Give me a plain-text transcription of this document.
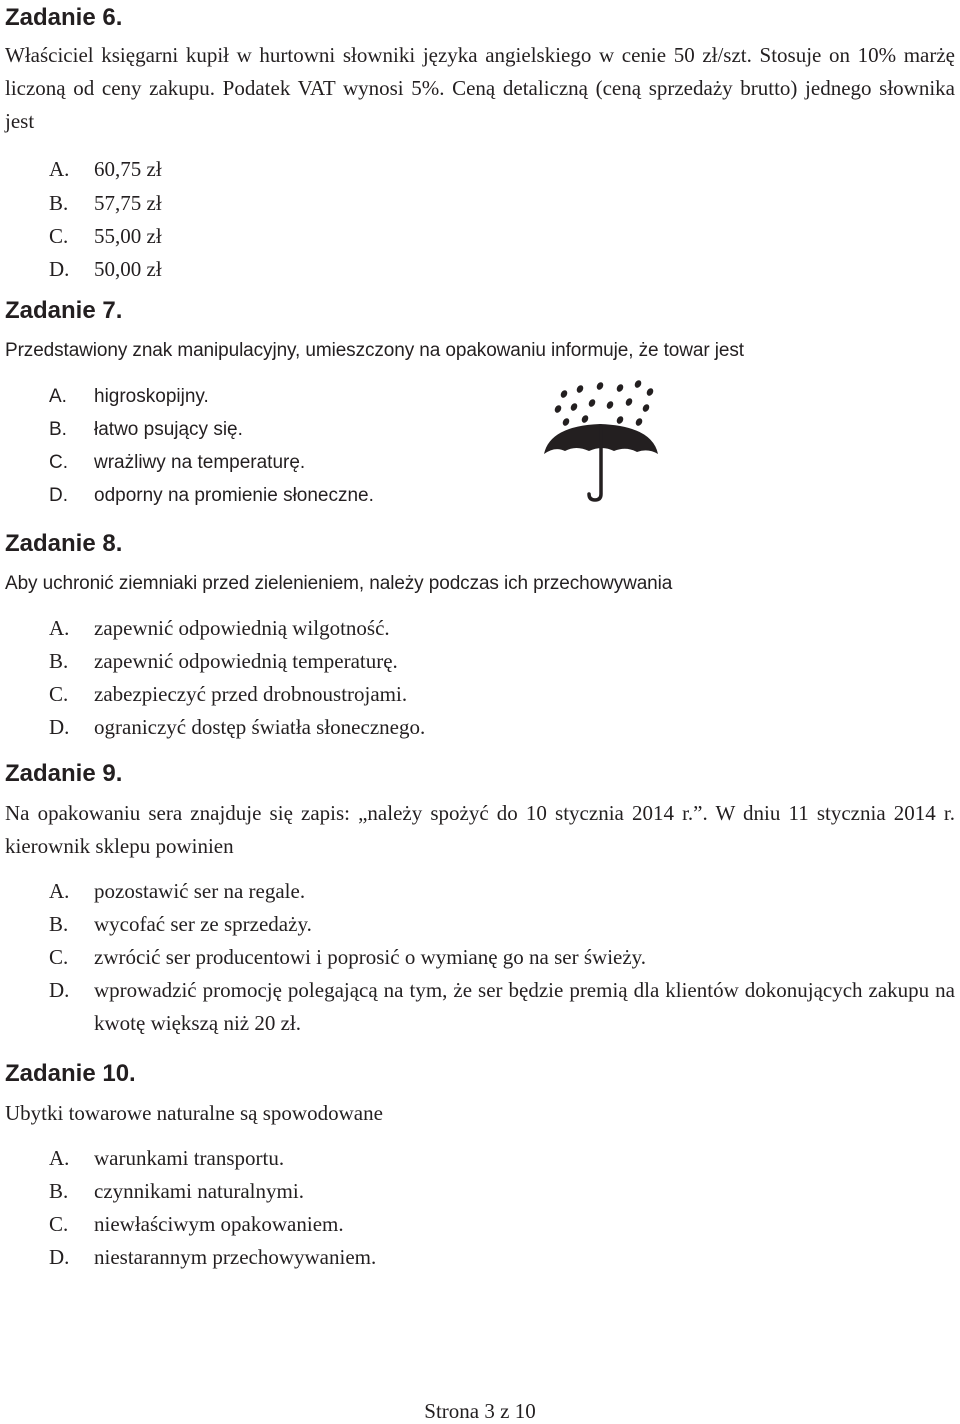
Zadanie 6.

Właściciel księgarni kupił w hurtowni słowniki języka angielskiego w cenie 50 zł/szt. Stosuje on 10% marżę liczoną od ceny zakupu. Podatek VAT wynosi 5%. Ceną detaliczną (ceną sprzedaży brutto) jednego słownika jest

A.	60,75 zł
B.	57,75 zł
C.	55,00 zł
D.	50,00 zł
Zadanie 7.

Przedstawiony znak manipulacyjny, umieszczony na opakowaniu informuje, że towar jest

A.	higroskopijny.
B.	łatwo psujący się.
C.	wrażliwy na temperaturę.
D.	odporny na promienie słoneczne.
Zadanie 8.

Aby uchronić ziemniaki przed zielenieniem, należy podczas ich przechowywania

A.	zapewnić odpowiednią wilgotność.
B.	zapewnić odpowiednią temperaturę.
C.	zabezpieczyć przed drobnoustrojami.
D.	ograniczyć dostęp światła słonecznego.
Zadanie 9.

Na opakowaniu sera znajduje się zapis: „należy spożyć do 10 stycznia 2014 r.”. W dniu 11 stycznia 2014 r. kierownik sklepu powinien

A.	pozostawić ser na regale.
B.	wycofać ser ze sprzedaży.
C.	zwrócić ser producentowi i poprosić o wymianę go na ser świeży.
D.	wprowadzić promocję polegającą na tym, że ser będzie premią dla klientów dokonujących zakupu na kwotę większą niż 20 zł.
Zadanie 10.

Ubytki towarowe naturalne są spowodowane

A.	warunkami transportu.
B.	czynnikami naturalnymi.
C.	niewłaściwym opakowaniem.
D.	niestarannym przechowywaniem.
Strona 3 z 10
